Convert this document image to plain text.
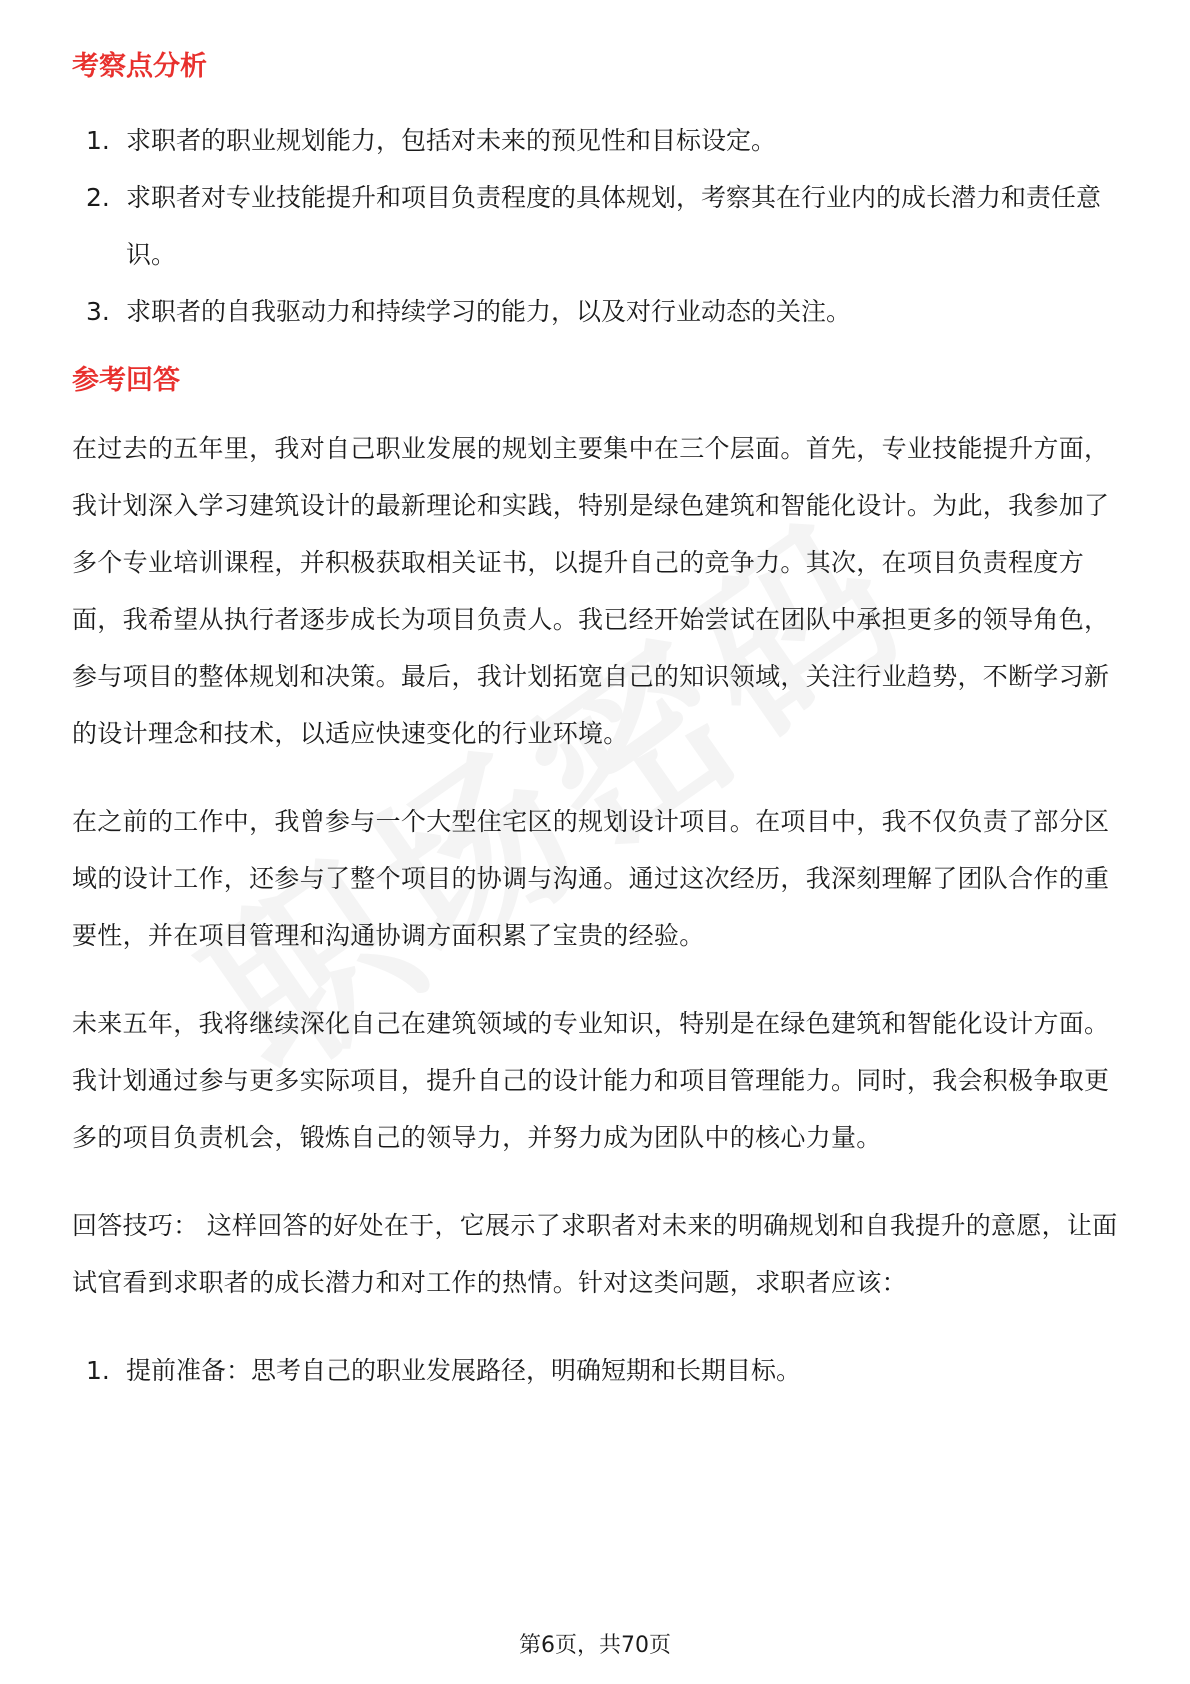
考察点分析
1. 求职者的职业规划能力，包括对未来的预见性和目标设定。
2. 求职者对专业技能提升和项目负责程度的具体规划，考察其在行业内的成长潜力和责任意识。
3. 求职者的自我驱动力和持续学习的能力，以及对行业动态的关注。
参考回答

在过去的五年里，我对自己职业发展的规划主要集中在三个层面。首先，专业技能提升方面，我计划深入学习建筑设计的最新理论和实践，特别是绿色建筑和智能化设计。为此，我参加了多个专业培训课程，并积极获取相关证书，以提升自己的竞争力。其次，在项目负责程度方面，我希望从执行者逐步成长为项目负责人。我已经开始尝试在团队中承担更多的领导角色，参与项目的整体规划和决策。最后，我计划拓宽自己的知识领域，关注行业趋势，不断学习新的设计理念和技术，以适应快速变化的行业环境。

在之前的工作中，我曾参与一个大型住宅区的规划设计项目。在项目中，我不仅负责了部分区域的设计工作，还参与了整个项目的协调与沟通。通过这次经历，我深刻理解了团队合作的重要性，并在项目管理和沟通协调方面积累了宝贵的经验。

未来五年，我将继续深化自己在建筑领域的专业知识，特别是在绿色建筑和智能化设计方面。我计划通过参与更多实际项目，提升自己的设计能力和项目管理能力。同时，我会积极争取更多的项目负责机会，锻炼自己的领导力，并努力成为团队中的核心力量。

回答技巧： 这样回答的好处在于，它展示了求职者对未来的明确规划和自我提升的意愿，让面试官看到求职者的成长潜力和对工作的热情。针对这类问题，求职者应该：

1. 提前准备：思考自己的职业发展路径，明确短期和长期目标。
第6页，共70页
